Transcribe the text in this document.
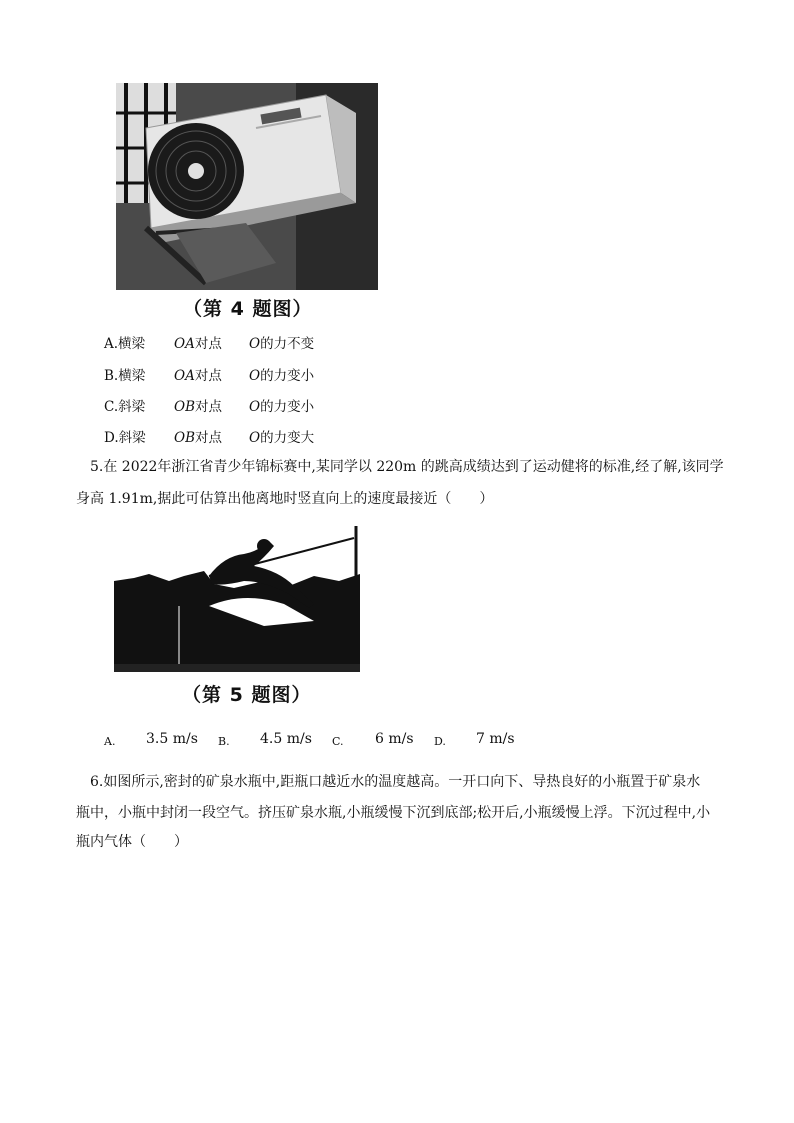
（第 4 题图）
A.横梁	OA对点	O 的力不变
B.横梁	OA对点	O 的力变小
C.斜梁	OB对点	O 的力变小
D.斜梁	OB对点	O 的力变大
5.在 2022年浙江省青少年锦标赛中,某同学以 220m 的跳高成绩达到了运动健将的标准,经了解,该同学
身高 1.91m,据此可估算出他离地时竖直向上的速度最接近（　　）
（第 5 题图）
A. 3.5 m/s B. 4.5 m/s C. 6 m/s D. 7 m/s
6.如图所示,密封的矿泉水瓶中,距瓶口越近水的温度越高。一开口向下、导热良好的小瓶置于矿泉水
瓶中，小瓶中封闭一段空气。挤压矿泉水瓶,小瓶缓慢下沉到底部;松开后,小瓶缓慢上浮。下沉过程中,小
瓶内气体（　　）
